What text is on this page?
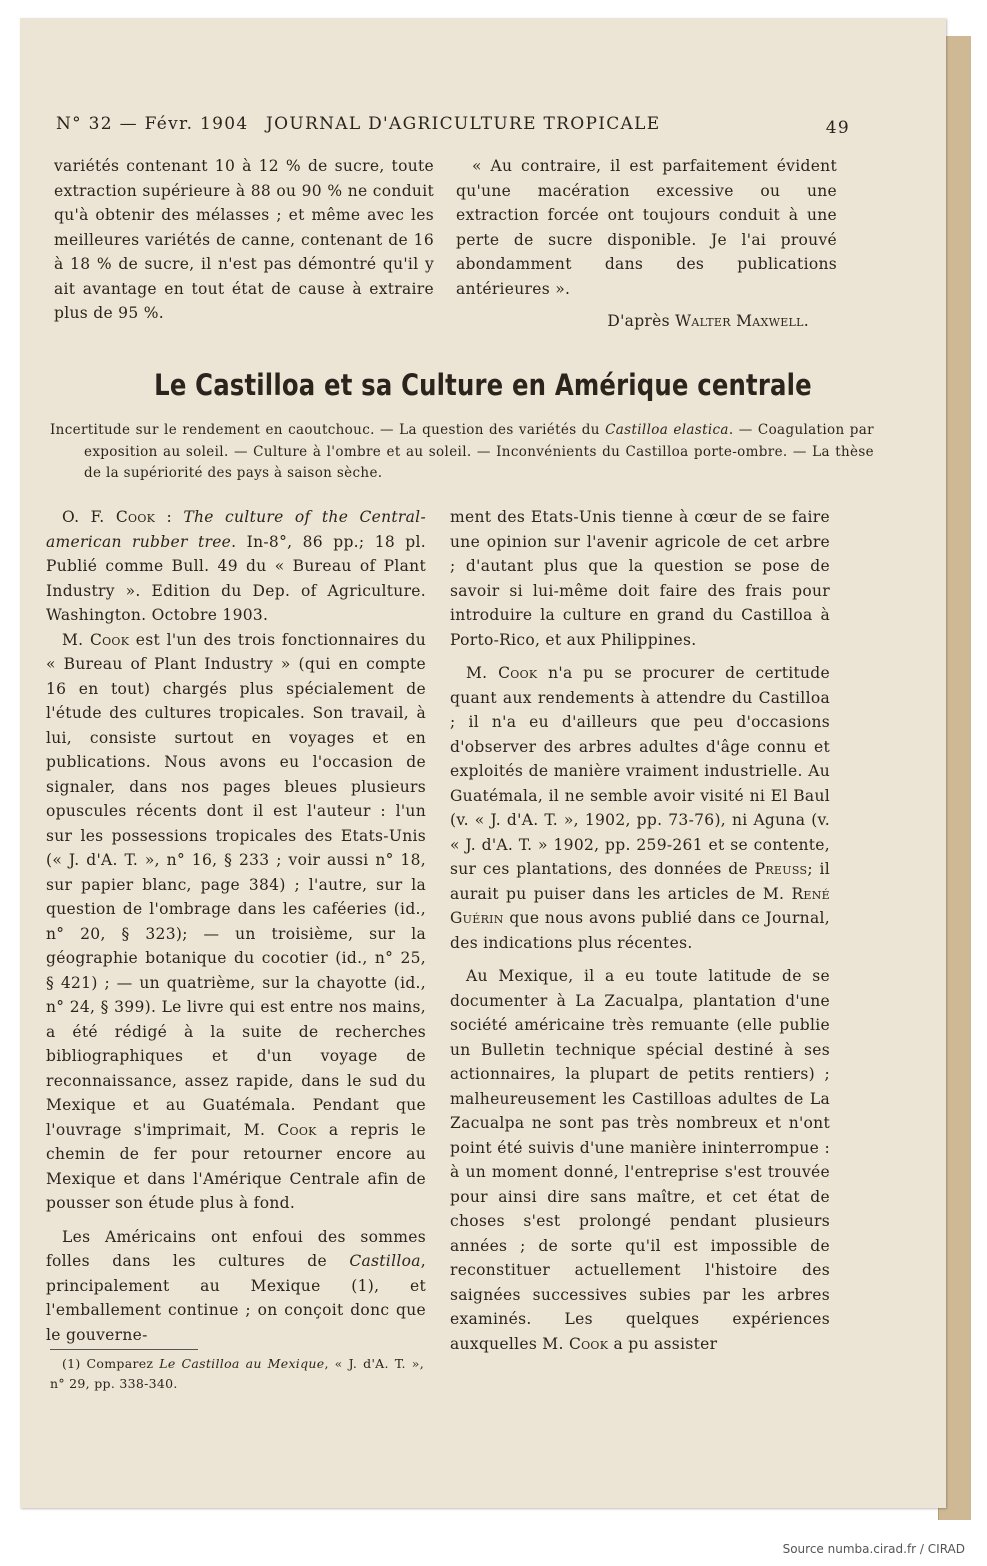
N° 32 — Févr. 1904 JOURNAL D'AGRICULTURE TROPICALE	49

variétés contenant 10 à 12 % de sucre, toute extraction supérieure à 88 ou 90 % ne conduit qu'à obtenir des mélasses ; et même avec les meilleures variétés de canne, contenant de 16 à 18 % de sucre, il n'est pas démontré qu'il y ait avantage en tout état de cause à extraire plus de 95 %.

« Au contraire, il est parfaitement évident qu'une macération excessive ou une extraction forcée ont toujours conduit à une perte de sucre disponible. Je l'ai prouvé abondamment dans des publications antérieures ».

D'après Walter Maxwell.

Le Castilloa et sa Culture en Amérique centrale
Incertitude sur le rendement en caoutchouc. — La question des variétés du Castilloa elastica. — Coagulation par exposition au soleil. — Culture à l'ombre et au soleil. — Inconvénients du Castilloa porte-ombre. — La thèse de la supériorité des pays à saison sèche.

O. F. Cook : The culture of the Central-american rubber tree. In-8°, 86 pp.; 18 pl. Publié comme Bull. 49 du « Bureau of Plant Industry ». Edition du Dep. of Agriculture. Washington. Octobre 1903.

M. Cook est l'un des trois fonctionnaires du « Bureau of Plant Industry » (qui en compte 16 en tout) chargés plus spécialement de l'étude des cultures tropicales. Son travail, à lui, consiste surtout en voyages et en publications. Nous avons eu l'occasion de signaler, dans nos pages bleues plusieurs opuscules récents dont il est l'auteur : l'un sur les possessions tropicales des Etats-Unis (« J. d'A. T. », n° 16, § 233 ; voir aussi n° 18, sur papier blanc, page 384) ; l'autre, sur la question de l'ombrage dans les caféeries (id., n° 20, § 323); — un troisième, sur la géographie botanique du cocotier (id., n° 25, § 421) ; — un quatrième, sur la chayotte (id., n° 24, § 399). Le livre qui est entre nos mains, a été rédigé à la suite de recherches bibliographiques et d'un voyage de reconnaissance, assez rapide, dans le sud du Mexique et au Guatémala. Pendant que l'ouvrage s'imprimait, M. Cook a repris le chemin de fer pour retourner encore au Mexique et dans l'Amérique Centrale afin de pousser son étude plus à fond.

Les Américains ont enfoui des sommes folles dans les cultures de Castilloa, principalement au Mexique (1), et l'emballement continue ; on conçoit donc que le gouverne-

(1) Comparez Le Castilloa au Mexique, « J. d'A. T. », n° 29, pp. 338-340.

ment des Etats-Unis tienne à cœur de se faire une opinion sur l'avenir agricole de cet arbre ; d'autant plus que la question se pose de savoir si lui-même doit faire des frais pour introduire la culture en grand du Castilloa à Porto-Rico, et aux Philippines.

M. Cook n'a pu se procurer de certitude quant aux rendements à attendre du Castilloa ; il n'a eu d'ailleurs que peu d'occasions d'observer des arbres adultes d'âge connu et exploités de manière vraiment industrielle. Au Guatémala, il ne semble avoir visité ni El Baul (v. « J. d'A. T. », 1902, pp. 73-76), ni Aguna (v. « J. d'A. T. » 1902, pp. 259-261 et se contente, sur ces plantations, des données de Preuss; il aurait pu puiser dans les articles de M. René Guérin que nous avons publié dans ce Journal, des indications plus récentes.

Au Mexique, il a eu toute latitude de se documenter à La Zacualpa, plantation d'une société américaine très remuante (elle publie un Bulletin technique spécial destiné à ses actionnaires, la plupart de petits rentiers) ; malheureusement les Castilloas adultes de La Zacualpa ne sont pas très nombreux et n'ont point été suivis d'une manière ininterrompue : à un moment donné, l'entreprise s'est trouvée pour ainsi dire sans maître, et cet état de choses s'est prolongé pendant plusieurs années ; de sorte qu'il est impossible de reconstituer actuellement l'histoire des saignées successives subies par les arbres examinés. Les quelques expériences auxquelles M. Cook a pu assister

Source numba.cirad.fr / CIRAD
